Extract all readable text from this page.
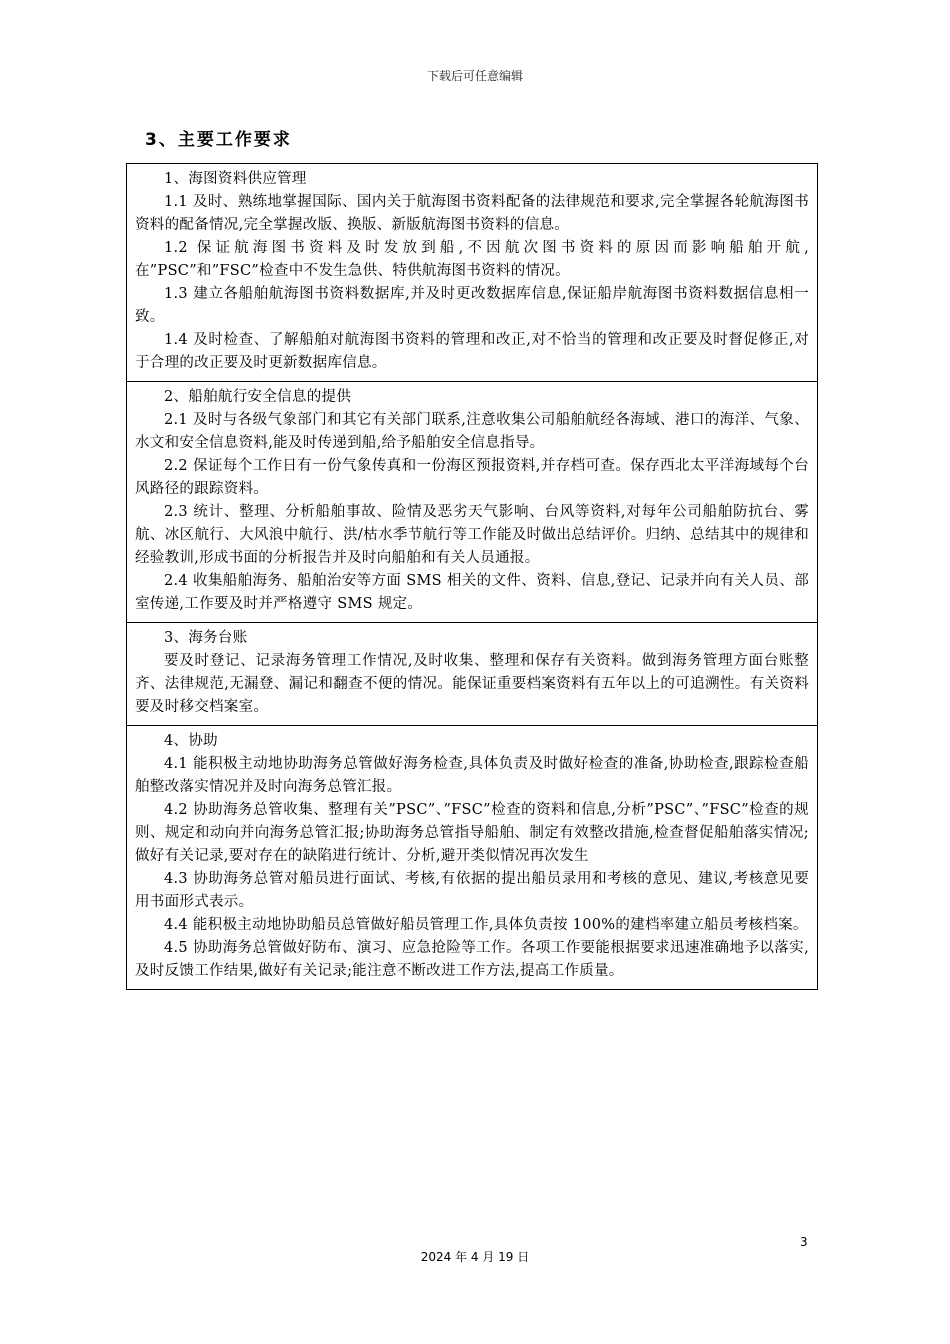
下载后可任意编辑
3、主要工作要求

1、海图资料供应管理

1.1 及时、熟练地掌握国际、国内关于航海图书资料配备的法律规范和要求,完全掌握各轮航海图书资料的配备情况,完全掌握改版、换版、新版航海图书资料的信息。

1.2 保证航海图书资料及时发放到船,不因航次图书资料的原因而影响船舶开航,在”PSC”和”FSC”检查中不发生急供、特供航海图书资料的情况。

1.3 建立各船舶航海图书资料数据库,并及时更改数据库信息,保证船岸航海图书资料数据信息相一致。

1.4 及时检查、了解船舶对航海图书资料的管理和改正,对不恰当的管理和改正要及时督促修正,对于合理的改正要及时更新数据库信息。

2、船舶航行安全信息的提供

2.1 及时与各级气象部门和其它有关部门联系,注意收集公司船舶航经各海域、港口的海洋、气象、水文和安全信息资料,能及时传递到船,给予船舶安全信息指导。

2.2 保证每个工作日有一份气象传真和一份海区预报资料,并存档可查。保存西北太平洋海域每个台风路径的跟踪资料。

2.3 统计、整理、分析船舶事故、险情及恶劣天气影响、台风等资料,对每年公司船舶防抗台、雾航、冰区航行、大风浪中航行、洪/枯水季节航行等工作能及时做出总结评价。归纳、总结其中的规律和经验教训,形成书面的分析报告并及时向船舶和有关人员通报。

2.4 收集船舶海务、船舶治安等方面 SMS 相关的文件、资料、信息,登记、记录并向有关人员、部室传递,工作要及时并严格遵守 SMS 规定。

3、海务台账

要及时登记、记录海务管理工作情况,及时收集、整理和保存有关资料。做到海务管理方面台账整齐、法律规范,无漏登、漏记和翻查不便的情况。能保证重要档案资料有五年以上的可追溯性。有关资料要及时移交档案室。

4、协助

4.1 能积极主动地协助海务总管做好海务检查,具体负责及时做好检查的准备,协助检查,跟踪检查船舶整改落实情况并及时向海务总管汇报。

4.2 协助海务总管收集、整理有关”PSC”、”FSC”检查的资料和信息,分析”PSC”、”FSC”检查的规则、规定和动向并向海务总管汇报;协助海务总管指导船舶、制定有效整改措施,检查督促船舶落实情况;做好有关记录,要对存在的缺陷进行统计、分析,避开类似情况再次发生

4.3 协助海务总管对船员进行面试、考核,有依据的提出船员录用和考核的意见、建议,考核意见要用书面形式表示。

4.4 能积极主动地协助船员总管做好船员管理工作,具体负责按 100%的建档率建立船员考核档案。

4.5 协助海务总管做好防布、演习、应急抢险等工作。各项工作要能根据要求迅速准确地予以落实,及时反馈工作结果,做好有关记录;能注意不断改进工作方法,提高工作质量。

3
2024 年 4 月 19 日
